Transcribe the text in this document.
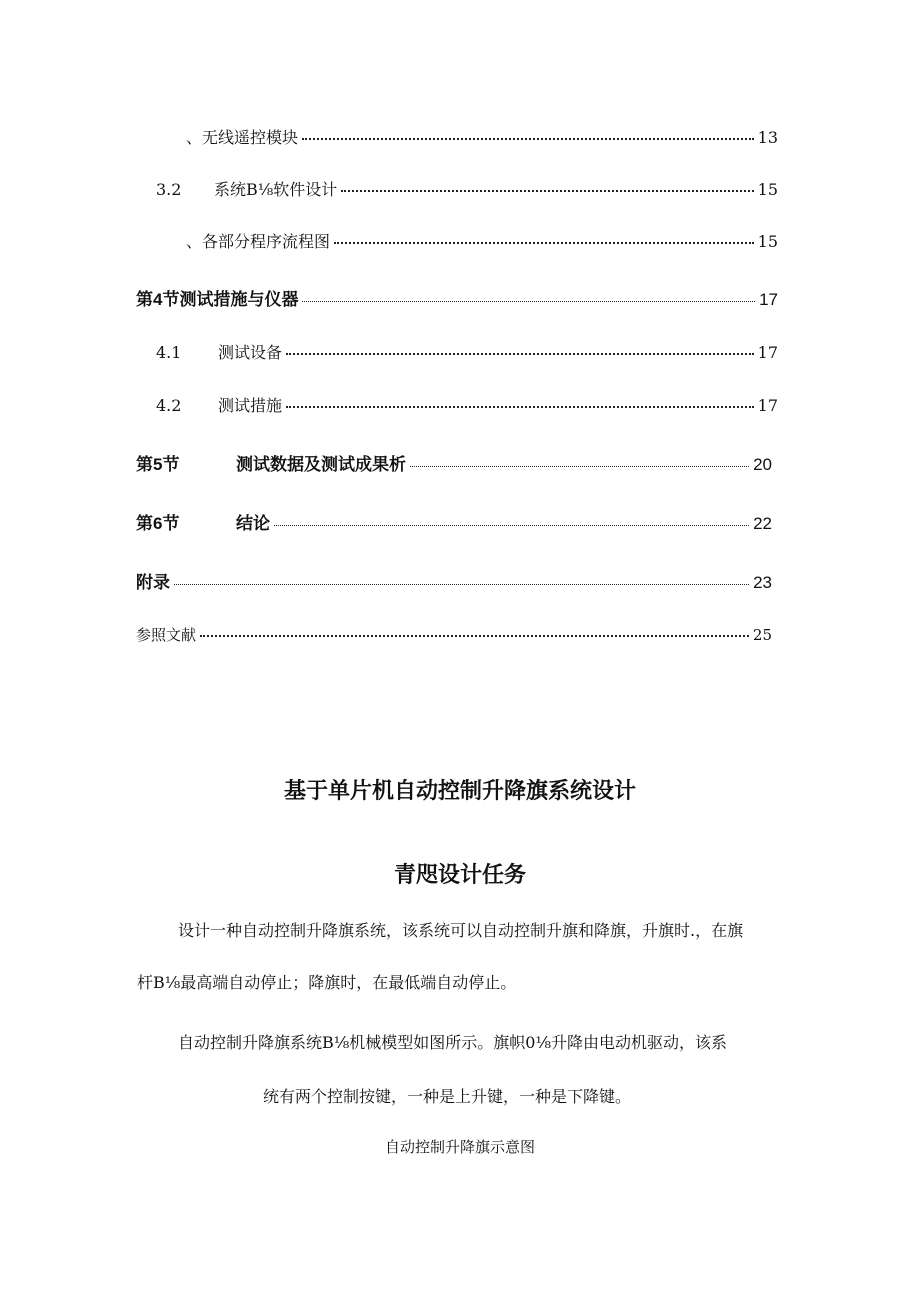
、无线遥控模块	13
3.2	系统B⅛软件设计	15
、各部分程序流程图	15
第4节测试措施与仪器	17
4.1	测试设备	17
4.2	测试措施	17
第5节	测试数据及测试成果析	20
第6节	结论	22
附录	23
参照文献	25
基于单片机自动控制升降旗系统设计
青咫设计任务
设计一种自动控制升降旗系统，该系统可以自动控制升旗和降旗，升旗时.，在旗
杆B⅛最高端自动停止；降旗时，在最低端自动停止。
自动控制升降旗系统B⅛机械模型如图所示。旗帜0⅛升降由电动机驱动，该系
统有两个控制按键，一种是上升键，一种是下降键。
自动控制升降旗示意图
